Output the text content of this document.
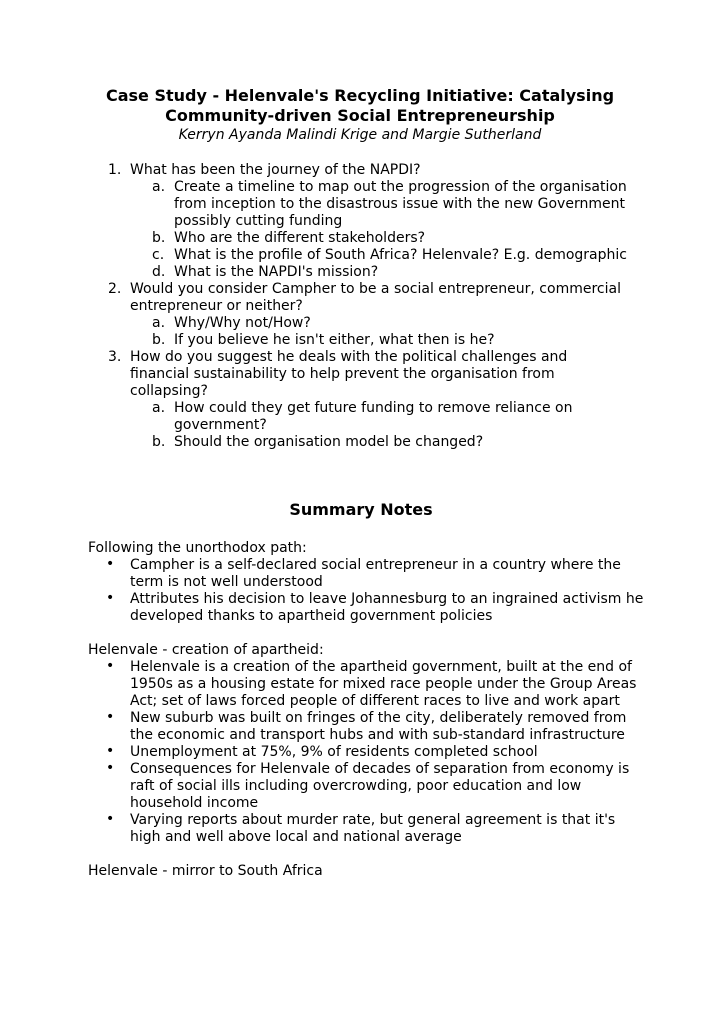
Case Study - Helenvale's Recycling Initiative: Catalysing

Community-driven Social Entrepreneurship

Kerryn Ayanda Malindi Krige and Margie Sutherland

1. What has been the journey of the NAPDI?
a. Create a timeline to map out the progression of the organisation from inception to the disastrous issue with the new Government possibly cutting funding
b. Who are the different stakeholders?
c. What is the profile of South Africa? Helenvale? E.g. demographic
d. What is the NAPDI's mission?
2. Would you consider Campher to be a social entrepreneur, commercial entrepreneur or neither?
a. Why/Why not/How?
b. If you believe he isn't either, what then is he?
3. How do you suggest he deals with the political challenges and financial sustainability to help prevent the organisation from collapsing?
a. How could they get future funding to remove reliance on government?
b. Should the organisation model be changed?
Summary Notes

Following the unorthodox path:

• Campher is a self-declared social entrepreneur in a country where the term is not well understood
• Attributes his decision to leave Johannesburg to an ingrained activism he developed thanks to apartheid government policies

Helenvale - creation of apartheid:

• Helenvale is a creation of the apartheid government, built at the end of 1950s as a housing estate for mixed race people under the Group Areas Act; set of laws forced people of different races to live and work apart
• New suburb was built on fringes of the city, deliberately removed from the economic and transport hubs and with sub-standard infrastructure
• Unemployment at 75%, 9% of residents completed school
• Consequences for Helenvale of decades of separation from economy is raft of social ills including overcrowding, poor education and low household income
• Varying reports about murder rate, but general agreement is that it's high and well above local and national average

Helenvale - mirror to South Africa
